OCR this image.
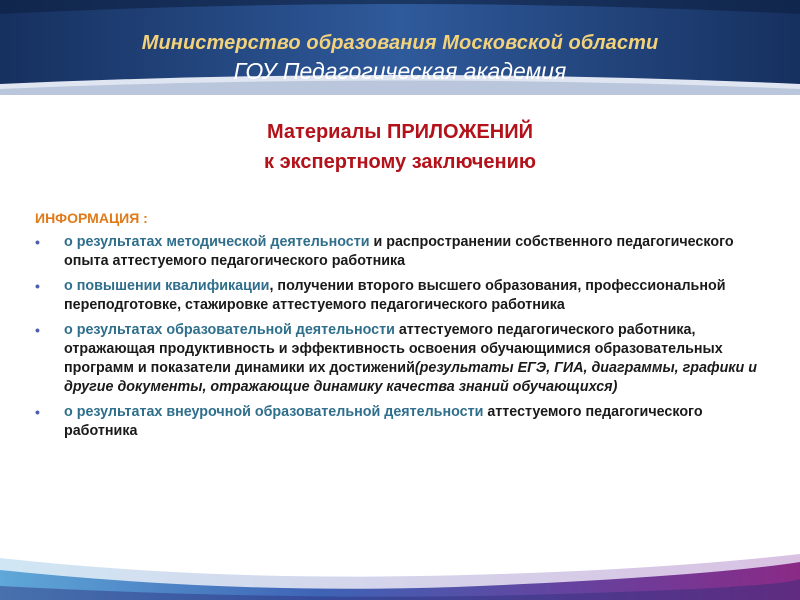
Министерство образования Московской области
ГОУ Педагогическая академия
Материалы ПРИЛОЖЕНИЙ
к экспертному заключению
ИНФОРМАЦИЯ :
• о результатах методической деятельности и распространении собственного педагогического опыта аттестуемого педагогического работника
• о повышении квалификации, получении второго высшего образования, профессиональной переподготовке, стажировке аттестуемого педагогического работника
• о результатах образовательной деятельности аттестуемого педагогического работника, отражающая продуктивность и эффективность освоения обучающимися образовательных программ и показатели динамики их достижений(результаты ЕГЭ, ГИА, диаграммы, графики и другие документы, отражающие динамику качества знаний обучающихся)
• о результатах внеурочной образовательной деятельности аттестуемого педагогического работника
